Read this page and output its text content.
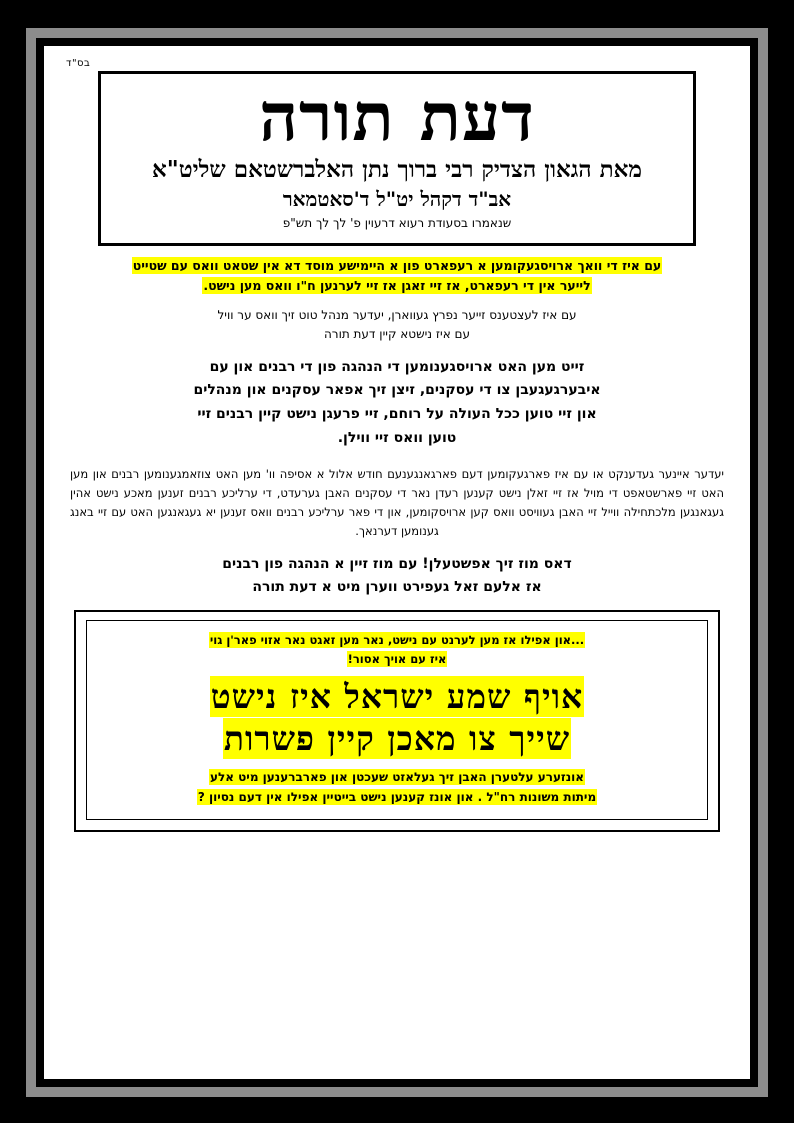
בס"ד
דעת תורה
מאת הגאון הצדיק רבי ברוך נתן האלברשטאם שליט"א
אב"ד דקהל יט"ל ד'סאטמאר
שנאמרו בסעודת רעוא דרעוין פ' לך לך תש"פ
עם איז די וואך ארויסגעקומען א רעפארט פון א היימישע מוסד דא אין שטאט וואס עם שטייט
לייער אין די רעפארט, אז זיי זאגן אז זיי לערנען ח"ו וואס מען נישט.
עם איז לעצטענס זייער נפרץ געווארן, יעדער מנהל טוט זיך וואס ער וויל
עם איז נישטא קיין דעת תורה
זייט מען האט ארויסגענומען די הנהגה פון די רבנים און עם
איבערגעגעבן צו די עסקנים, זיצן זיך אפאר עסקנים און מנהלים
און זיי טוען ככל העולה על רוחם, זיי פרעגן נישט קיין רבנים זיי
טוען וואס זיי ווילן.
יעדער איינער געדענקט או עם איז פארגעקומען דעם פארגאנגענעם חודש אלול א אסיפה וו' מען האט צוזאמגענומען רבנים און מען האט זיי פארשטאפט די מויל אז זיי זאלן נישט קענען רעדן נאר די עסקנים האבן גערעדט, די ערליכע רבנים זענען מאכע נישט אהין געגאנגען מלכתחילה ווייל זיי האבן געוויסט וואס קען ארויסקומען, און די פאר ערליכע רבנים וואס זענען יא געגאנגען האט עם זיי באנג גענומען דערנאך.
דאס מוז זיך אפשטעלן! עם מוז זיין א הנהגה פון רבנים
אז אלעם זאל געפירט ווערן מיט א דעת תורה
...און אפילו אז מען לערנט עם נישט, נאר מען זאגט נאר אזוי פאר'ן גוי
איז עם אויך אסור!
אויף שמע ישראל איז נישט
שייך צו מאכן קיין פשרות
אונזערע עלטערן האבן זיך געלאזט שעכטן און פארברענען מיט אלע
מיתות משונות רח"ל . און אונז קענען נישט בייטיין אפילו אין דעם נסיון ?
